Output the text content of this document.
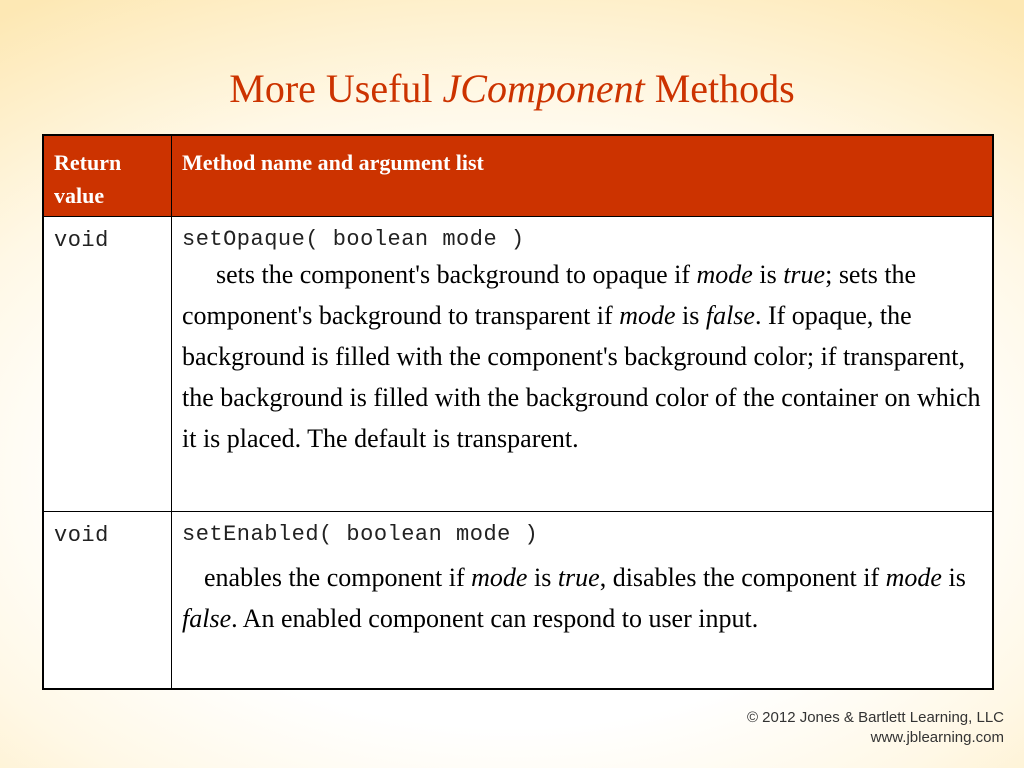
More Useful JComponent Methods
Return value
Method name and argument list
void	setOpaque( boolean mode )
sets the component's background to opaque if mode is true; sets the component's background to transparent if mode is false. If opaque, the background is filled with the component's background color; if transparent, the background is filled with the background color of the container on which it is placed. The default is transparent.
void	setEnabled( boolean mode )
enables the component if mode is true, disables the component if mode is false. An enabled component can respond to user input.
© 2012 Jones & Bartlett Learning, LLC
www.jblearning.com
